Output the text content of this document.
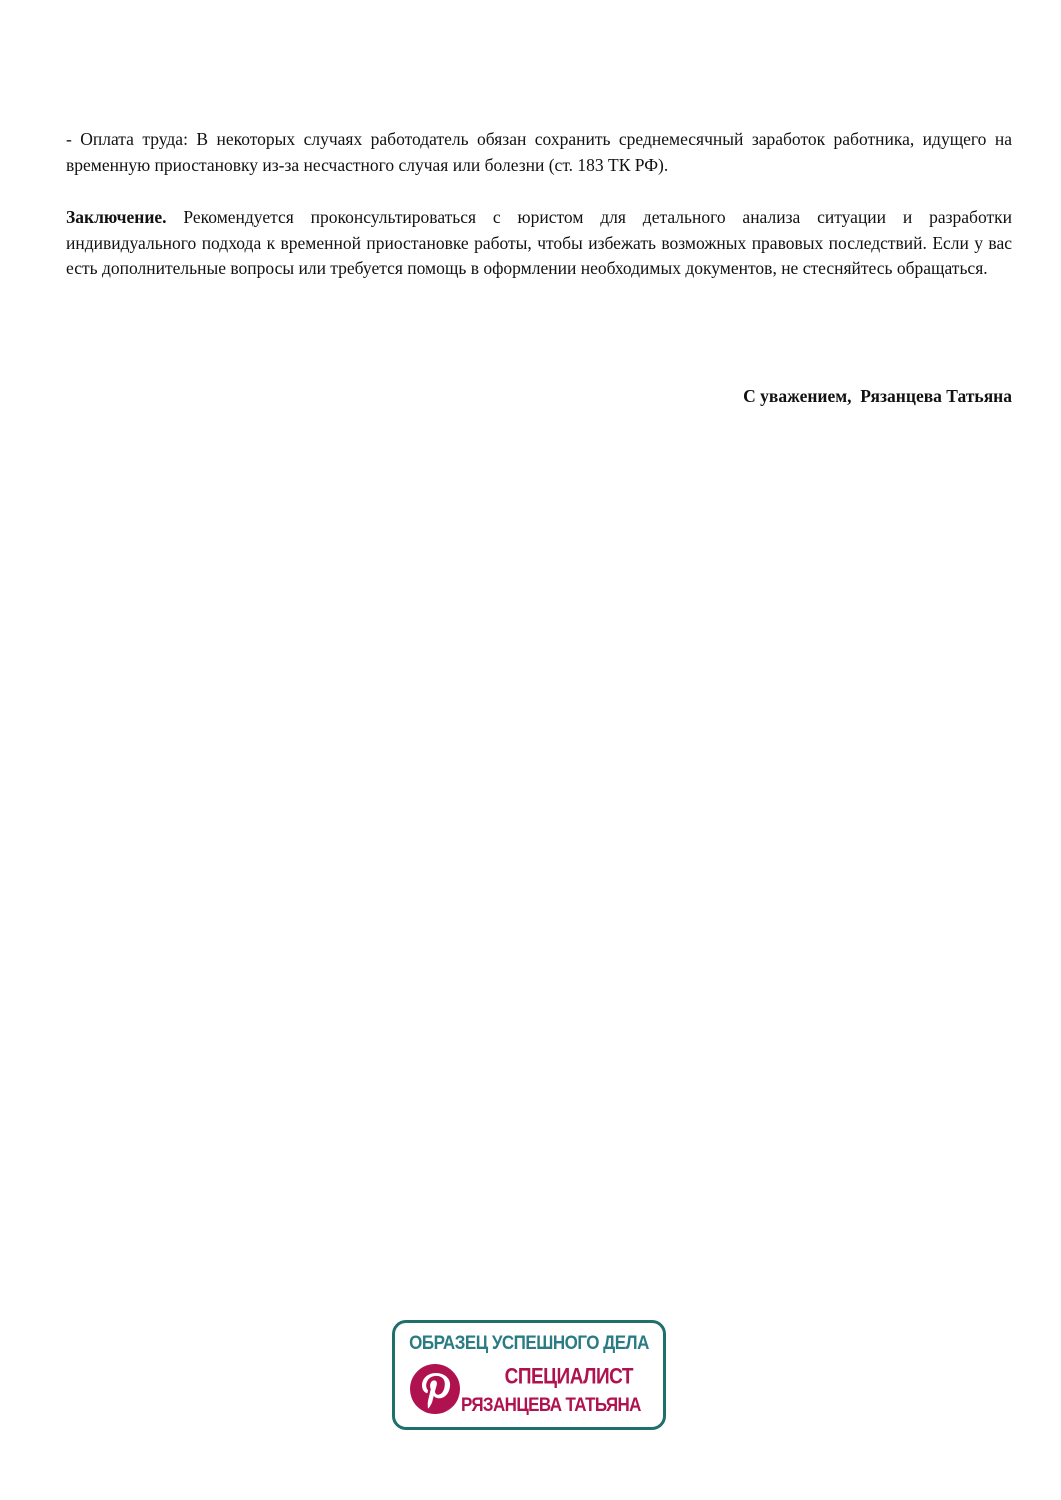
- Оплата труда: В некоторых случаях работодатель обязан сохранить среднемесячный заработок работника, идущего на временную приостановку из-за несчастного случая или болезни (ст. 183 ТК РФ).

Заключение. Рекомендуется проконсультироваться с юристом для детального анализа ситуации и разработки индивидуального подхода к временной приостановке работы, чтобы избежать возможных правовых последствий. Если у вас есть дополнительные вопросы или требуется помощь в оформлении необходимых документов, не стесняйтесь обращаться.

С уважением,  Рязанцева Татьяна
ОБРАЗЕЦ УСПЕШНОГО ДЕЛА
СПЕЦИАЛИСТ
РЯЗАНЦЕВА ТАТЬЯНА
